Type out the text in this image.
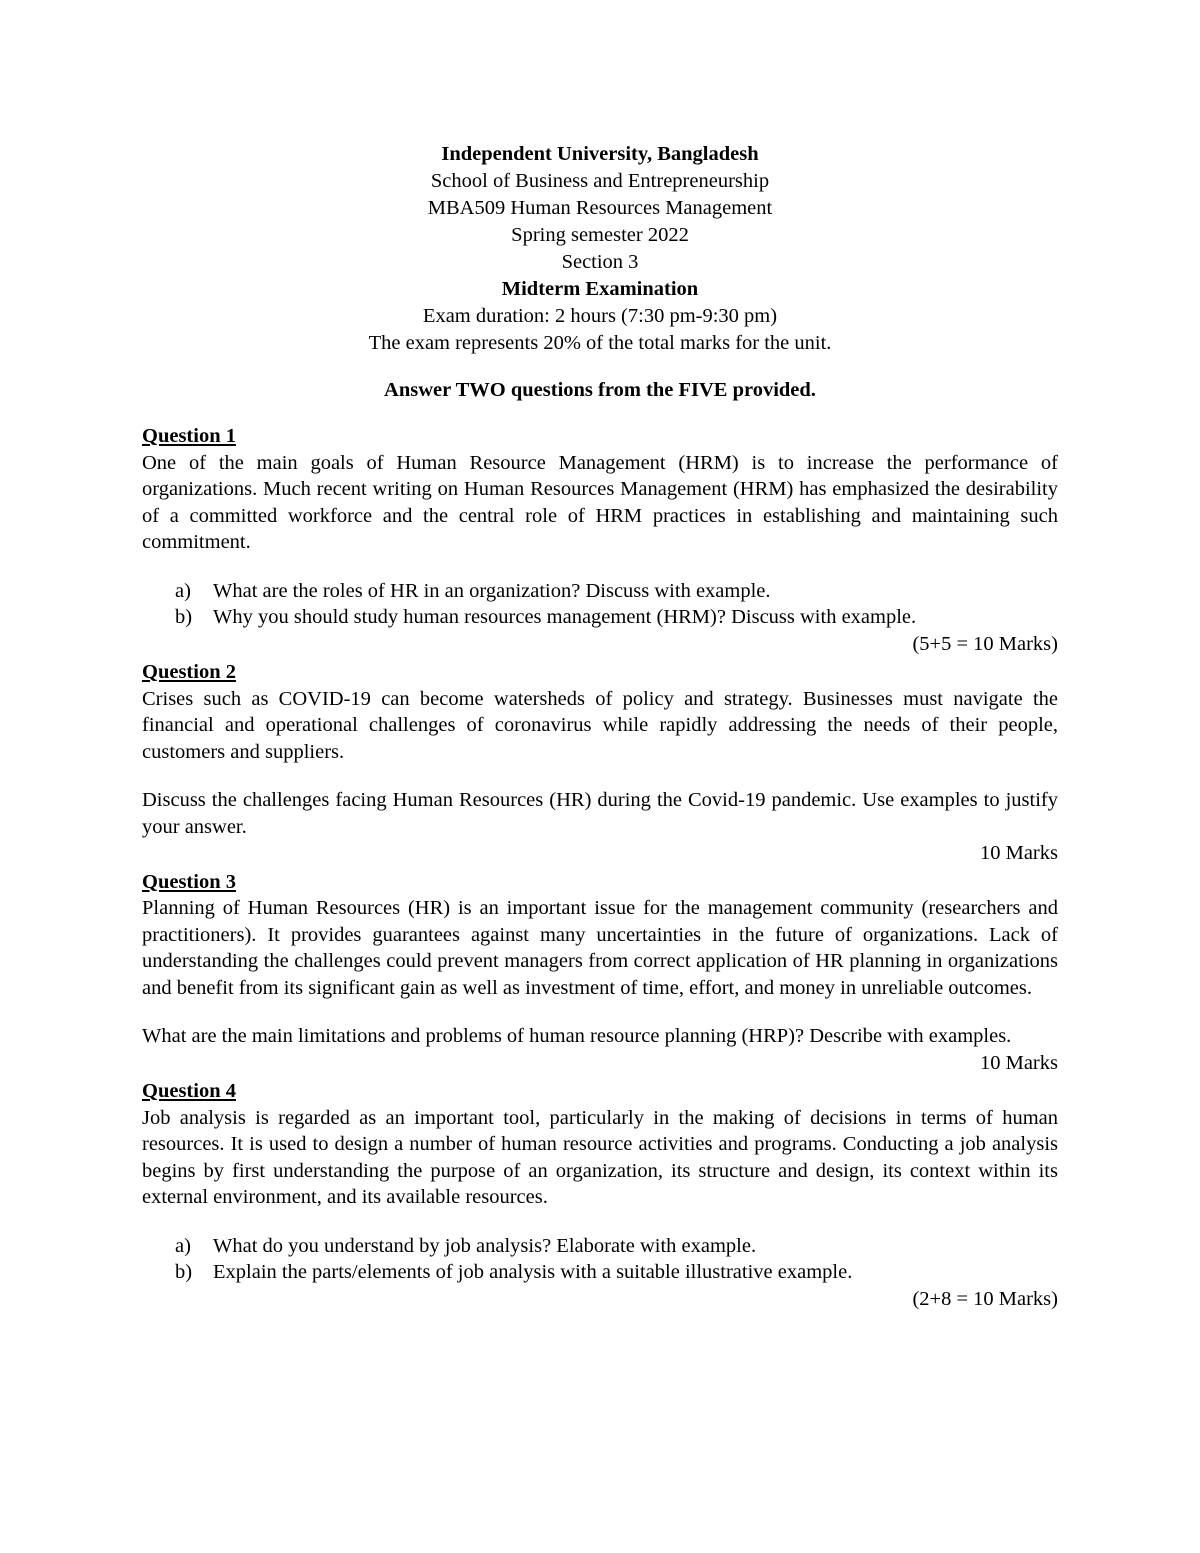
Independent University, Bangladesh
School of Business and Entrepreneurship
MBA509 Human Resources Management
Spring semester 2022
Section 3
Midterm Examination
Exam duration: 2 hours (7:30 pm-9:30 pm)
The exam represents 20% of the total marks for the unit.
Answer TWO questions from the FIVE provided.
Question 1

One of the main goals of Human Resource Management (HRM) is to increase the performance of organizations. Much recent writing on Human Resources Management (HRM) has emphasized the desirability of a committed workforce and the central role of HRM practices in establishing and maintaining such commitment.

a) What are the roles of HR in an organization? Discuss with example.
b) Why you should study human resources management (HRM)? Discuss with example.
(5+5 = 10 Marks)
Question 2

Crises such as COVID-19 can become watersheds of policy and strategy. Businesses must navigate the financial and operational challenges of coronavirus while rapidly addressing the needs of their people, customers and suppliers.

Discuss the challenges facing Human Resources (HR) during the Covid-19 pandemic. Use examples to justify your answer.

10 Marks
Question 3

Planning of Human Resources (HR) is an important issue for the management community (researchers and practitioners). It provides guarantees against many uncertainties in the future of organizations. Lack of understanding the challenges could prevent managers from correct application of HR planning in organizations and benefit from its significant gain as well as investment of time, effort, and money in unreliable outcomes.

What are the main limitations and problems of human resource planning (HRP)? Describe with examples.

10 Marks
Question 4

Job analysis is regarded as an important tool, particularly in the making of decisions in terms of human resources. It is used to design a number of human resource activities and programs. Conducting a job analysis begins by first understanding the purpose of an organization, its structure and design, its context within its external environment, and its available resources.

a) What do you understand by job analysis? Elaborate with example.
b) Explain the parts/elements of job analysis with a suitable illustrative example.
(2+8 = 10 Marks)
